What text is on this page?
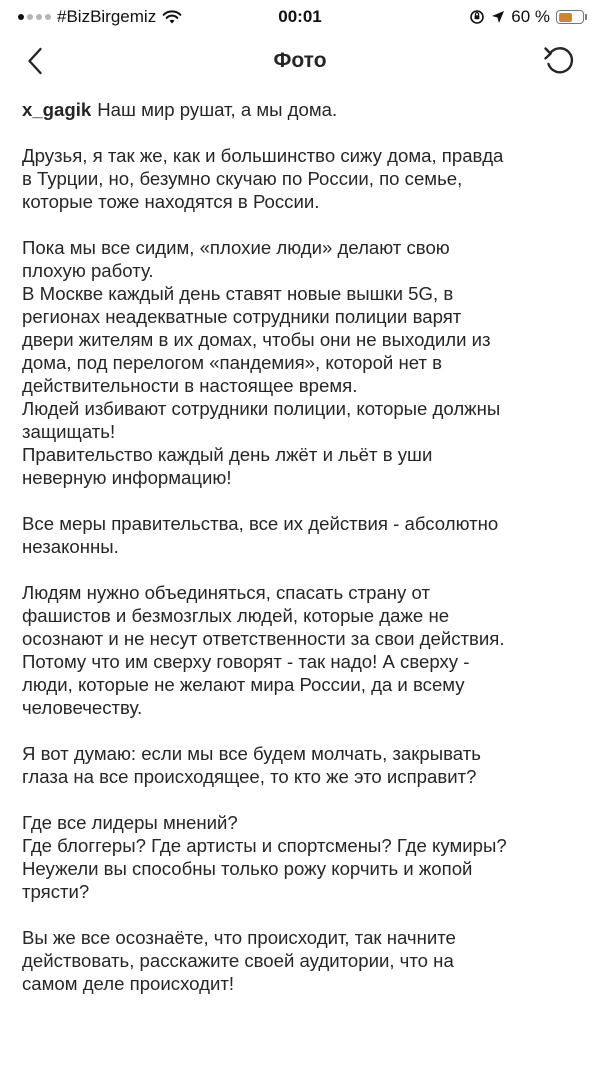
#BizBirgemiz	00:01	60 %
Фото
x_gagik Наш мир рушат, а мы дома.
Друзья, я так же, как и большинство сижу дома, правда
в Турции, но, безумно скучаю по России, по семье,
которые тоже находятся в России.
Пока мы все сидим, «плохие люди» делают свою
плохую работу.
В Москве каждый день ставят новые вышки 5G, в
регионах неадекватные сотрудники полиции варят
двери жителям в их домах, чтобы они не выходили из
дома, под перелогом «пандемия», которой нет в
действительности в настоящее время.
Людей избивают сотрудники полиции, которые должны
защищать!
Правительство каждый день лжёт и льёт в уши
неверную информацию!
Все меры правительства, все их действия - абсолютно
незаконны.
Людям нужно объединяться, спасать страну от
фашистов и безмозглых людей, которые даже не
осознают и не несут ответственности за свои действия.
Потому что им сверху говорят - так надо! А сверху -
люди, которые не желают мира России, да и всему
человечеству.
Я вот думаю: если мы все будем молчать, закрывать
глаза на все происходящее, то кто же это исправит?
Где все лидеры мнений?
Где блоггеры? Где артисты и спортсмены? Где кумиры?
Неужели вы способны только рожу корчить и жопой
трясти?
Вы же все осознаёте, что происходит, так начните
действовать, расскажите своей аудитории, что на
самом деле происходит!
